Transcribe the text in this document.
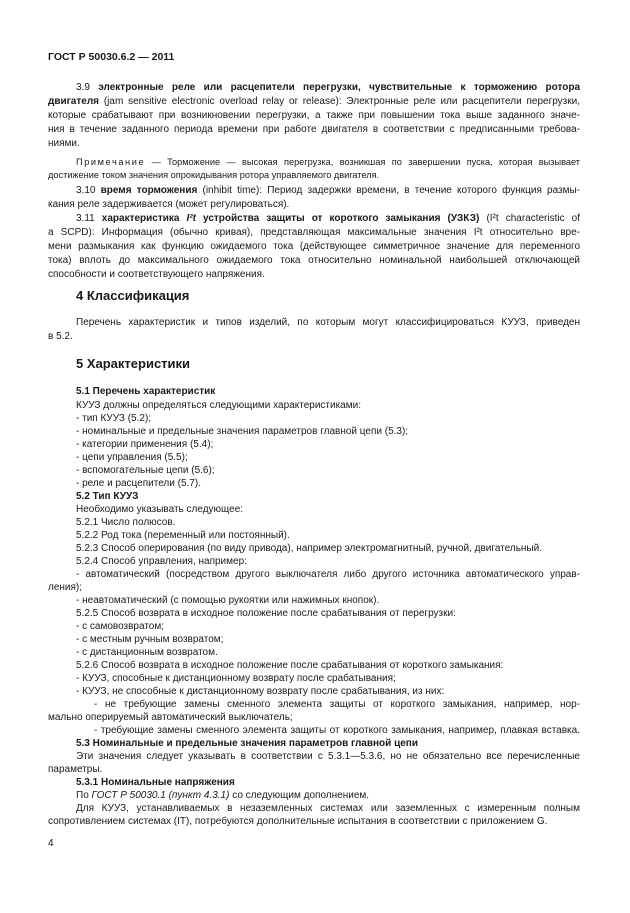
ГОСТ Р 50030.6.2 — 2011
3.9 электронные реле или расцепители перегрузки, чувствительные к торможению ротора
двигателя (jam sensitive electronic overload relay or release): Электронные реле или расцепители перегрузки,
которые срабатывают при возникновении перегрузки, а также при повышении тока выше заданного значе-
ния в течение заданного периода времени при работе двигателя в соответствии с предписанными требова-
ниями.
Примечание — Торможение — высокая перегрузка, возникшая по завершении пуска, которая вызывает
достижение током значения опрокидывания ротора управляемого двигателя.
3.10 время торможения (inhibit time): Период задержки времени, в течение которого функция размы-
кания реле задерживается (может регулироваться).
3.11 характеристика I²t устройства защиты от короткого замыкания (УЗКЗ) (I²t characteristic of
a SCPD): Информация (обычно кривая), представляющая максимальные значения I²t относительно вре-
мени размыкания как функцию ожидаемого тока (действующее симметричное значение для переменного
тока) вплоть до максимального ожидаемого тока относительно номинальной наибольшей отключающей
способности и соответствующего напряжения.
4 Классификация
Перечень характеристик и типов изделий, по которым могут классифицироваться КУУЗ, приведен
в 5.2.
5 Характеристики
5.1 Перечень характеристик
КУУЗ должны определяться следующими характеристиками:
- тип КУУЗ (5.2);
- номинальные и предельные значения параметров главной цепи (5.3);
- категории применения (5.4);
- цепи управления (5.5);
- вспомогательные цепи (5.6);
- реле и расцепители (5.7).
5.2 Тип КУУЗ
Необходимо указывать следующее:
5.2.1 Число полюсов.
5.2.2 Род тока (переменный или постоянный).
5.2.3 Способ оперирования (по виду привода), например электромагнитный, ручной, двигательный.
5.2.4 Способ управления, например:
- автоматический (посредством другого выключателя либо другого источника автоматического управ-
ления);
- неавтоматический (с помощью рукоятки или нажимных кнопок).
5.2.5 Способ возврата в исходное положение после срабатывания от перегрузки:
- с самовозвратом;
- с местным ручным возвратом;
- с дистанционным возвратом.
5.2.6 Способ возврата в исходное положение после срабатывания от короткого замыкания:
- КУУЗ, способные к дистанционному возврату после срабатывания;
- КУУЗ, не способные к дистанционному возврату после срабатывания, из них:
- не требующие замены сменного элемента защиты от короткого замыкания, например, нор-
мально оперируемый автоматический выключатель;
- требующие замены сменного элемента защиты от короткого замыкания, например, плавкая вставка.
5.3 Номинальные и предельные значения параметров главной цепи
Эти значения следует указывать в соответствии с 5.3.1—5.3.6, но не обязательно все перечисленные
параметры.
5.3.1 Номинальные напряжения
По ГОСТ Р 50030.1 (пункт 4.3.1) со следующим дополнением.
Для КУУЗ, устанавливаемых в незаземленных системах или заземленных с измеренным полным
сопротивлением системах (IT), потребуются дополнительные испытания в соответствии с приложением G.
4
